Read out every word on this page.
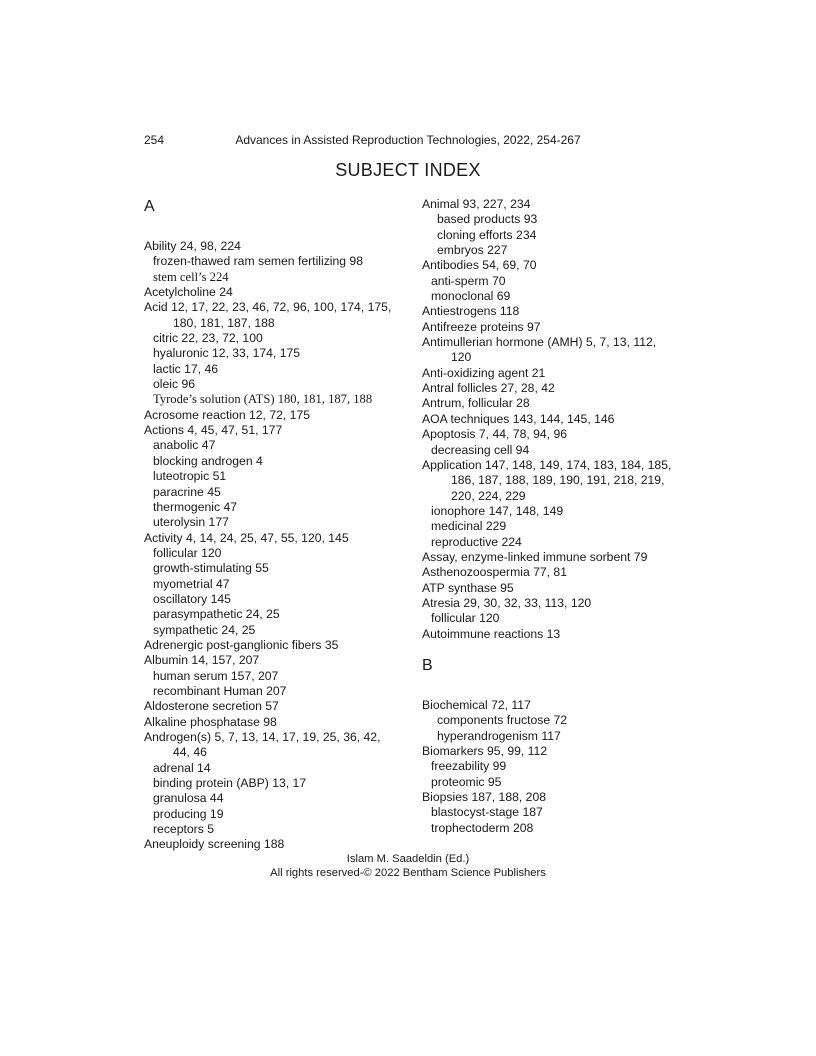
254	Advances in Assisted Reproduction Technologies, 2022, 254-267
SUBJECT INDEX
A
Ability 24, 98, 224
frozen-thawed ram semen fertilizing 98
stem cell’s 224
Acetylcholine 24
Acid 12, 17, 22, 23, 46, 72, 96, 100, 174, 175,
180, 181, 187, 188
citric 22, 23, 72, 100
hyaluronic 12, 33, 174, 175
lactic 17, 46
oleic 96
Tyrode’s solution (ATS) 180, 181, 187, 188
Acrosome reaction 12, 72, 175
Actions 4, 45, 47, 51, 177
anabolic 47
blocking androgen 4
luteotropic 51
paracrine 45
thermogenic 47
uterolysin 177
Activity 4, 14, 24, 25, 47, 55, 120, 145
follicular 120
growth-stimulating 55
myometrial 47
oscillatory 145
parasympathetic 24, 25
sympathetic 24, 25
Adrenergic post-ganglionic fibers 35
Albumin 14, 157, 207
human serum 157, 207
recombinant Human 207
Aldosterone secretion 57
Alkaline phosphatase 98
Androgen(s) 5, 7, 13, 14, 17, 19, 25, 36, 42,
44, 46
adrenal 14
binding protein (ABP) 13, 17
granulosa 44
producing 19
receptors 5
Aneuploidy screening 188
Animal 93, 227, 234
based products 93
cloning efforts 234
embryos 227
Antibodies 54, 69, 70
anti-sperm 70
monoclonal 69
Antiestrogens 118
Antifreeze proteins 97
Antimullerian hormone (AMH) 5, 7, 13, 112,
120
Anti-oxidizing agent 21
Antral follicles 27, 28, 42
Antrum, follicular 28
AOA techniques 143, 144, 145, 146
Apoptosis 7, 44, 78, 94, 96
decreasing cell 94
Application 147, 148, 149, 174, 183, 184, 185,
186, 187, 188, 189, 190, 191, 218, 219,
220, 224, 229
ionophore 147, 148, 149
medicinal 229
reproductive 224
Assay, enzyme-linked immune sorbent 79
Asthenozoospermia 77, 81
ATP synthase 95
Atresia 29, 30, 32, 33, 113, 120
follicular 120
Autoimmune reactions 13
B
Biochemical 72, 117
components fructose 72
hyperandrogenism 117
Biomarkers 95, 99, 112
freezability 99
proteomic 95
Biopsies 187, 188, 208
blastocyst-stage 187
trophectoderm 208
Islam M. Saadeldin (Ed.)
All rights reserved-© 2022 Bentham Science Publishers
